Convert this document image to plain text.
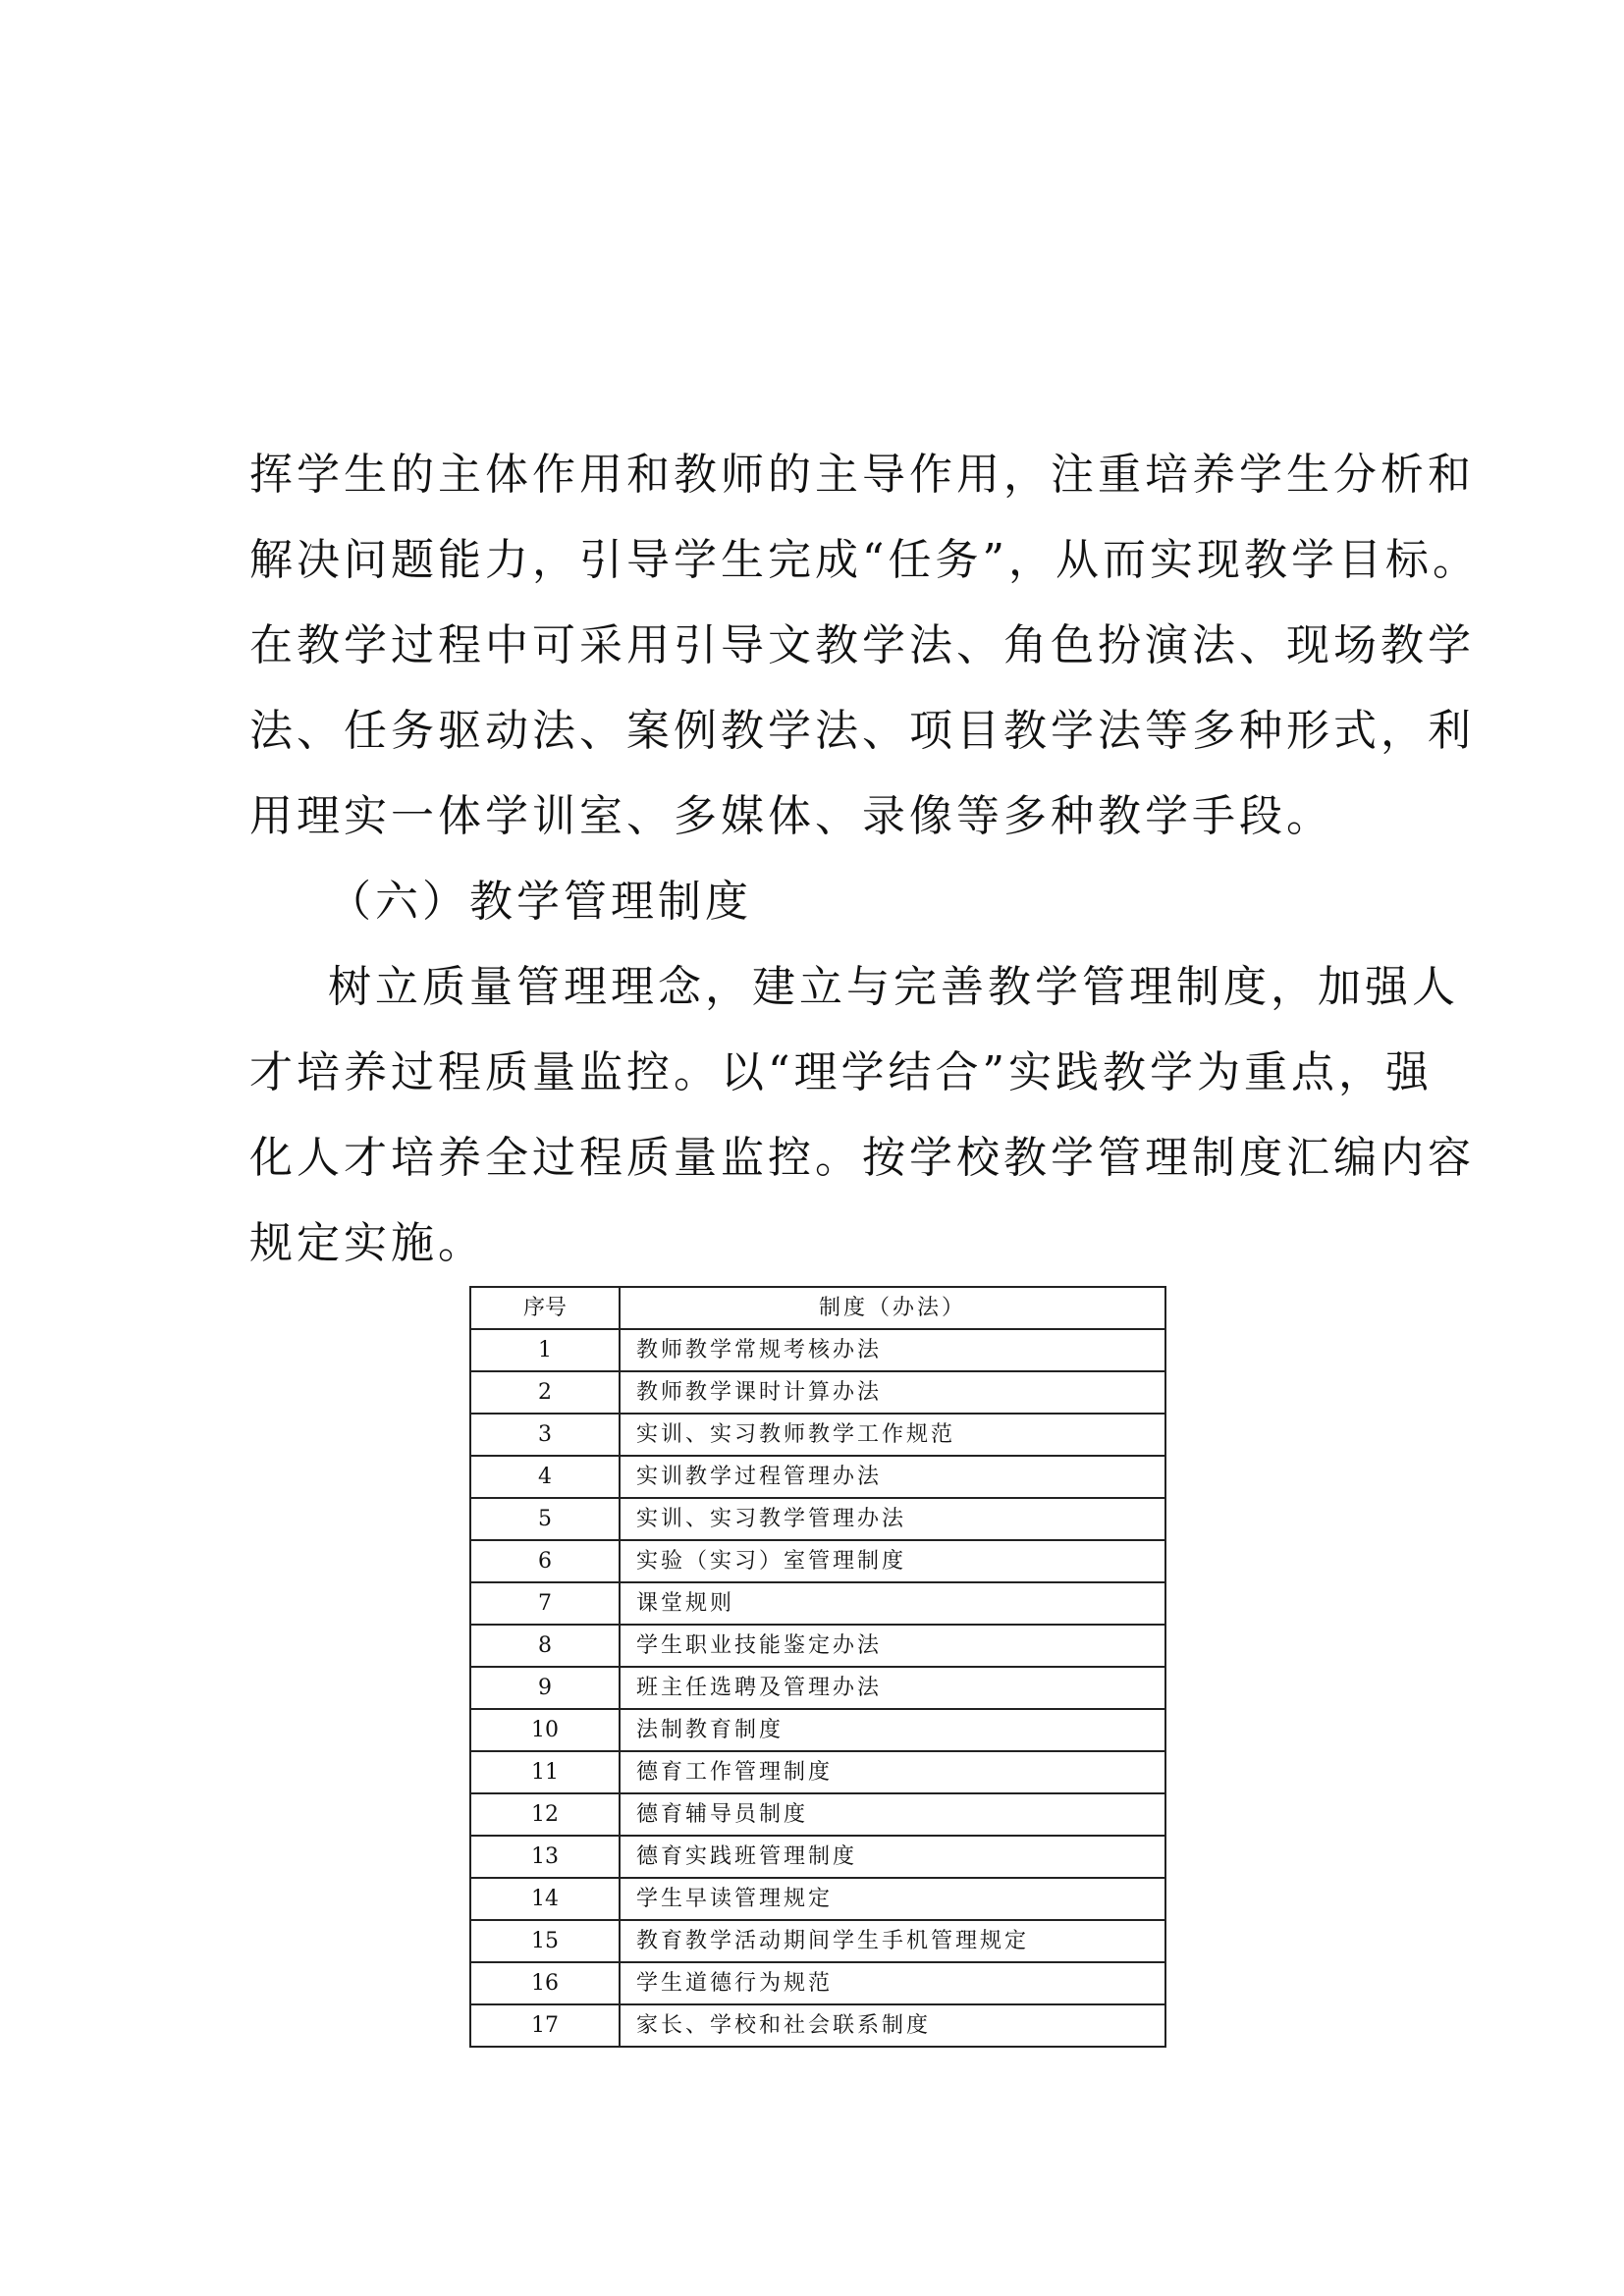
挥学生的主体作用和教师的主导作用，注重培养学生分析和
解决问题能力，引导学生完成“任务”，从而实现教学目标。
在教学过程中可采用引导文教学法、角色扮演法、现场教学
法、任务驱动法、案例教学法、项目教学法等多种形式，利
用理实一体学训室、多媒体、录像等多种教学手段。
（六）教学管理制度
树立质量管理理念，建立与完善教学管理制度，加强人
才培养过程质量监控。以“理学结合”实践教学为重点，强
化人才培养全过程质量监控。按学校教学管理制度汇编内容
规定实施。
序号	制度（办法）
1	教师教学常规考核办法
2	教师教学课时计算办法
3	实训、实习教师教学工作规范
4	实训教学过程管理办法
5	实训、实习教学管理办法
6	实验（实习）室管理制度
7	课堂规则
8	学生职业技能鉴定办法
9	班主任选聘及管理办法
10	法制教育制度
11	德育工作管理制度
12	德育辅导员制度
13	德育实践班管理制度
14	学生早读管理规定
15	教育教学活动期间学生手机管理规定
16	学生道德行为规范
17	家长、学校和社会联系制度
